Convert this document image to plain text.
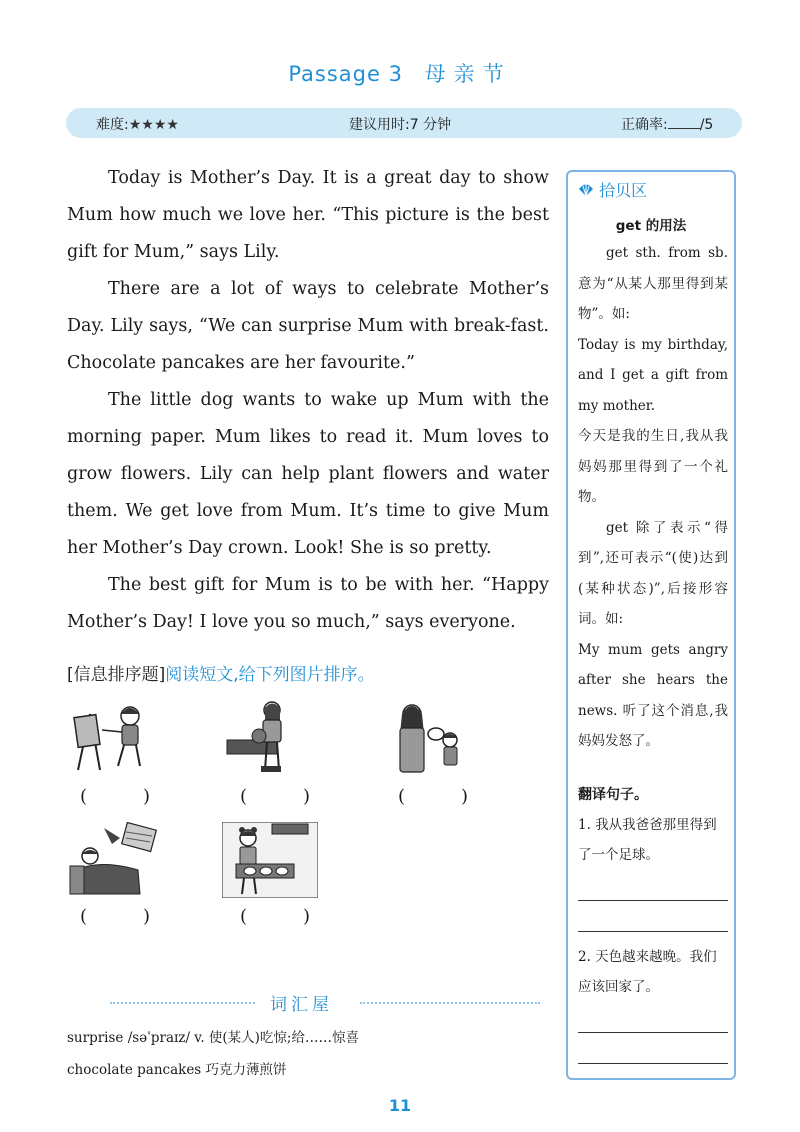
Passage 3 母亲节
难度:★★★★	建议用时:7 分钟	正确率: /5

Today is Mother’s Day. It is a great day to show Mum how much we love her. “This picture is the best gift for Mum,” says Lily.

There are a lot of ways to celebrate Mother’s Day. Lily says, “We can surprise Mum with break-fast. Chocolate pancakes are her favourite.”

The little dog wants to wake up Mum with the morning paper. Mum likes to read it. Mum loves to grow flowers. Lily can help plant flowers and water them. We get love from Mum. It’s time to give Mum her Mother’s Day crown. Look! She is so pretty.

The best gift for Mum is to be with her. “Happy Mother’s Day! I love you so much,” says everyone.

[信息排序题]阅读短文,给下列图片排序。
(	)	(	)	(	)
(	)	(	)
词汇屋
surprise /səˈpraɪz/ v. 使(某人)吃惊;给……惊喜
chocolate pancakes 巧克力薄煎饼
11
拾贝区
get 的用法
get sth. from sb. 意为“从某人那里得到某物”。如:
Today is my birthday, and I get a gift from my mother.
今天是我的生日,我从我妈妈那里得到了一个礼物。
get 除了表示“得到”,还可表示“(使)达到(某种状态)”,后接形容词。如:
My mum gets angry after she hears the news. 听了这个消息,我妈妈发怒了。
翻译句子。
1. 我从我爸爸那里得到了一个足球。
2. 天色越来越晚。我们应该回家了。
